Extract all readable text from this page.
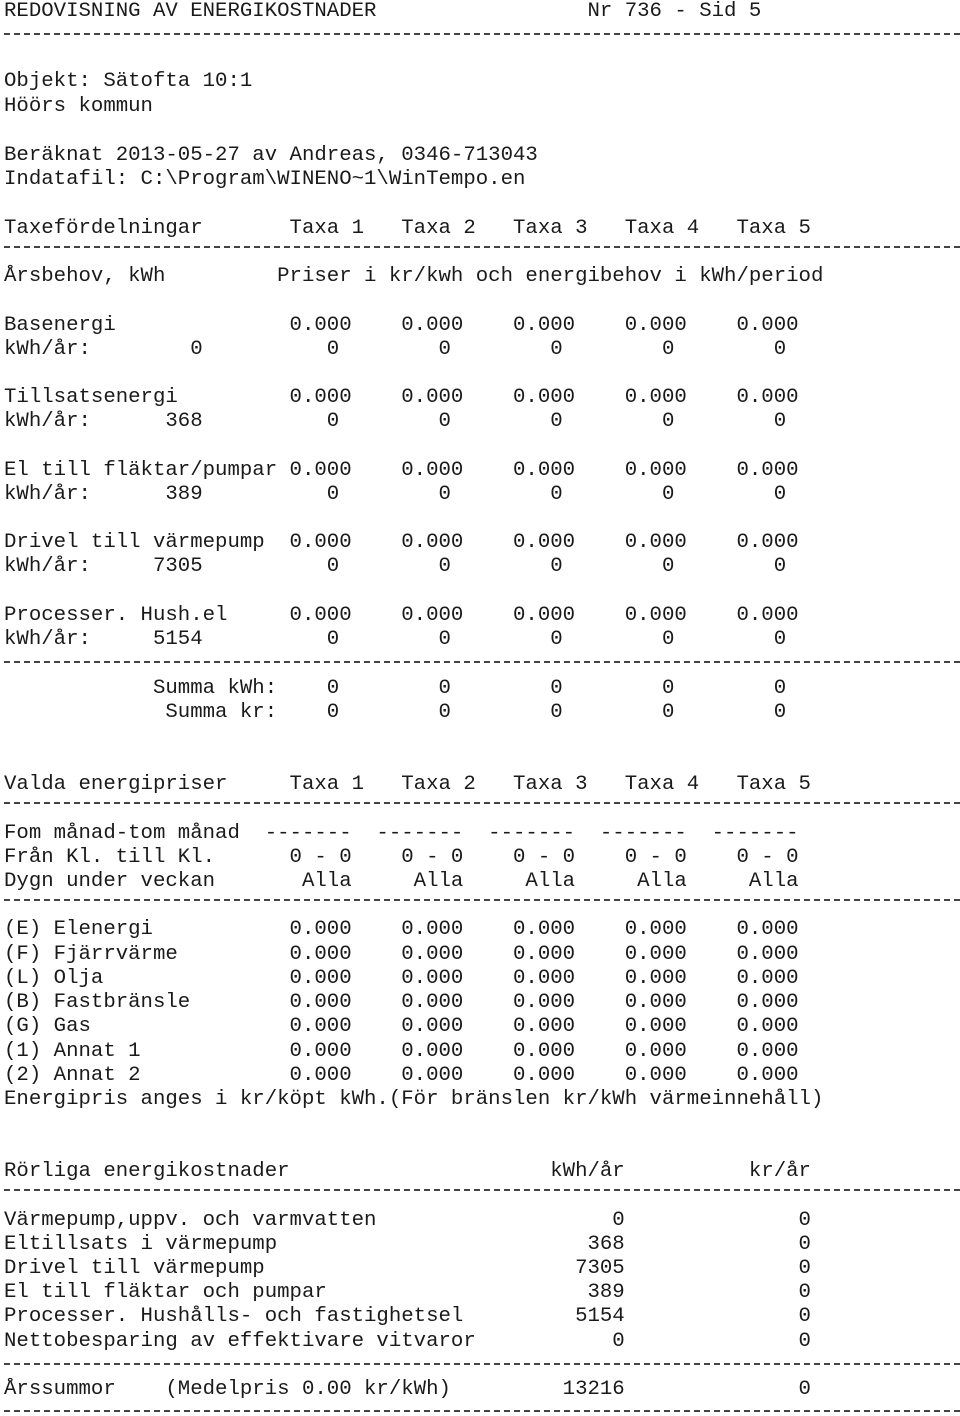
REDOVISNING AV ENERGIKOSTNADER                 Nr 736 - Sid 5
Objekt: Sätofta 10:1
Höörs kommun
Beräknat 2013-05-27 av Andreas, 0346-713043
Indatafil: C:\Program\WINENO~1\WinTempo.en
Taxefördelningar       Taxa 1   Taxa 2   Taxa 3   Taxa 4   Taxa 5
Årsbehov, kWh         Priser i kr/kwh och energibehov i kWh/period
Basenergi              0.000    0.000    0.000    0.000    0.000
kWh/år:        0          0        0        0        0        0
Tillsatsenergi         0.000    0.000    0.000    0.000    0.000
kWh/år:      368          0        0        0        0        0
El till fläktar/pumpar 0.000    0.000    0.000    0.000    0.000
kWh/år:      389          0        0        0        0        0
Drivel till värmepump  0.000    0.000    0.000    0.000    0.000
kWh/år:     7305          0        0        0        0        0
Processer. Hush.el     0.000    0.000    0.000    0.000    0.000
kWh/år:     5154          0        0        0        0        0
Summa kWh:    0        0        0        0        0
Summa kr:    0        0        0        0        0
Valda energipriser     Taxa 1   Taxa 2   Taxa 3   Taxa 4   Taxa 5
Fom månad-tom månad  -------  -------  -------  -------  -------
Från Kl. till Kl.      0 - 0    0 - 0    0 - 0    0 - 0    0 - 0
Dygn under veckan       Alla     Alla     Alla     Alla     Alla
(E) Elenergi           0.000    0.000    0.000    0.000    0.000
(F) Fjärrvärme         0.000    0.000    0.000    0.000    0.000
(L) Olja               0.000    0.000    0.000    0.000    0.000
(B) Fastbränsle        0.000    0.000    0.000    0.000    0.000
(G) Gas                0.000    0.000    0.000    0.000    0.000
(1) Annat 1            0.000    0.000    0.000    0.000    0.000
(2) Annat 2            0.000    0.000    0.000    0.000    0.000
Energipris anges i kr/köpt kWh.(För bränslen kr/kWh värmeinnehåll)
Rörliga energikostnader                     kWh/år          kr/år
Värmepump,uppv. och varmvatten                   0              0
Eltillsats i värmepump                         368              0
Drivel till värmepump                         7305              0
El till fläktar och pumpar                     389              0
Processer. Hushålls- och fastighetsel         5154              0
Nettobesparing av effektivare vitvaror           0              0
Årssummor    (Medelpris 0.00 kr/kWh)         13216              0
